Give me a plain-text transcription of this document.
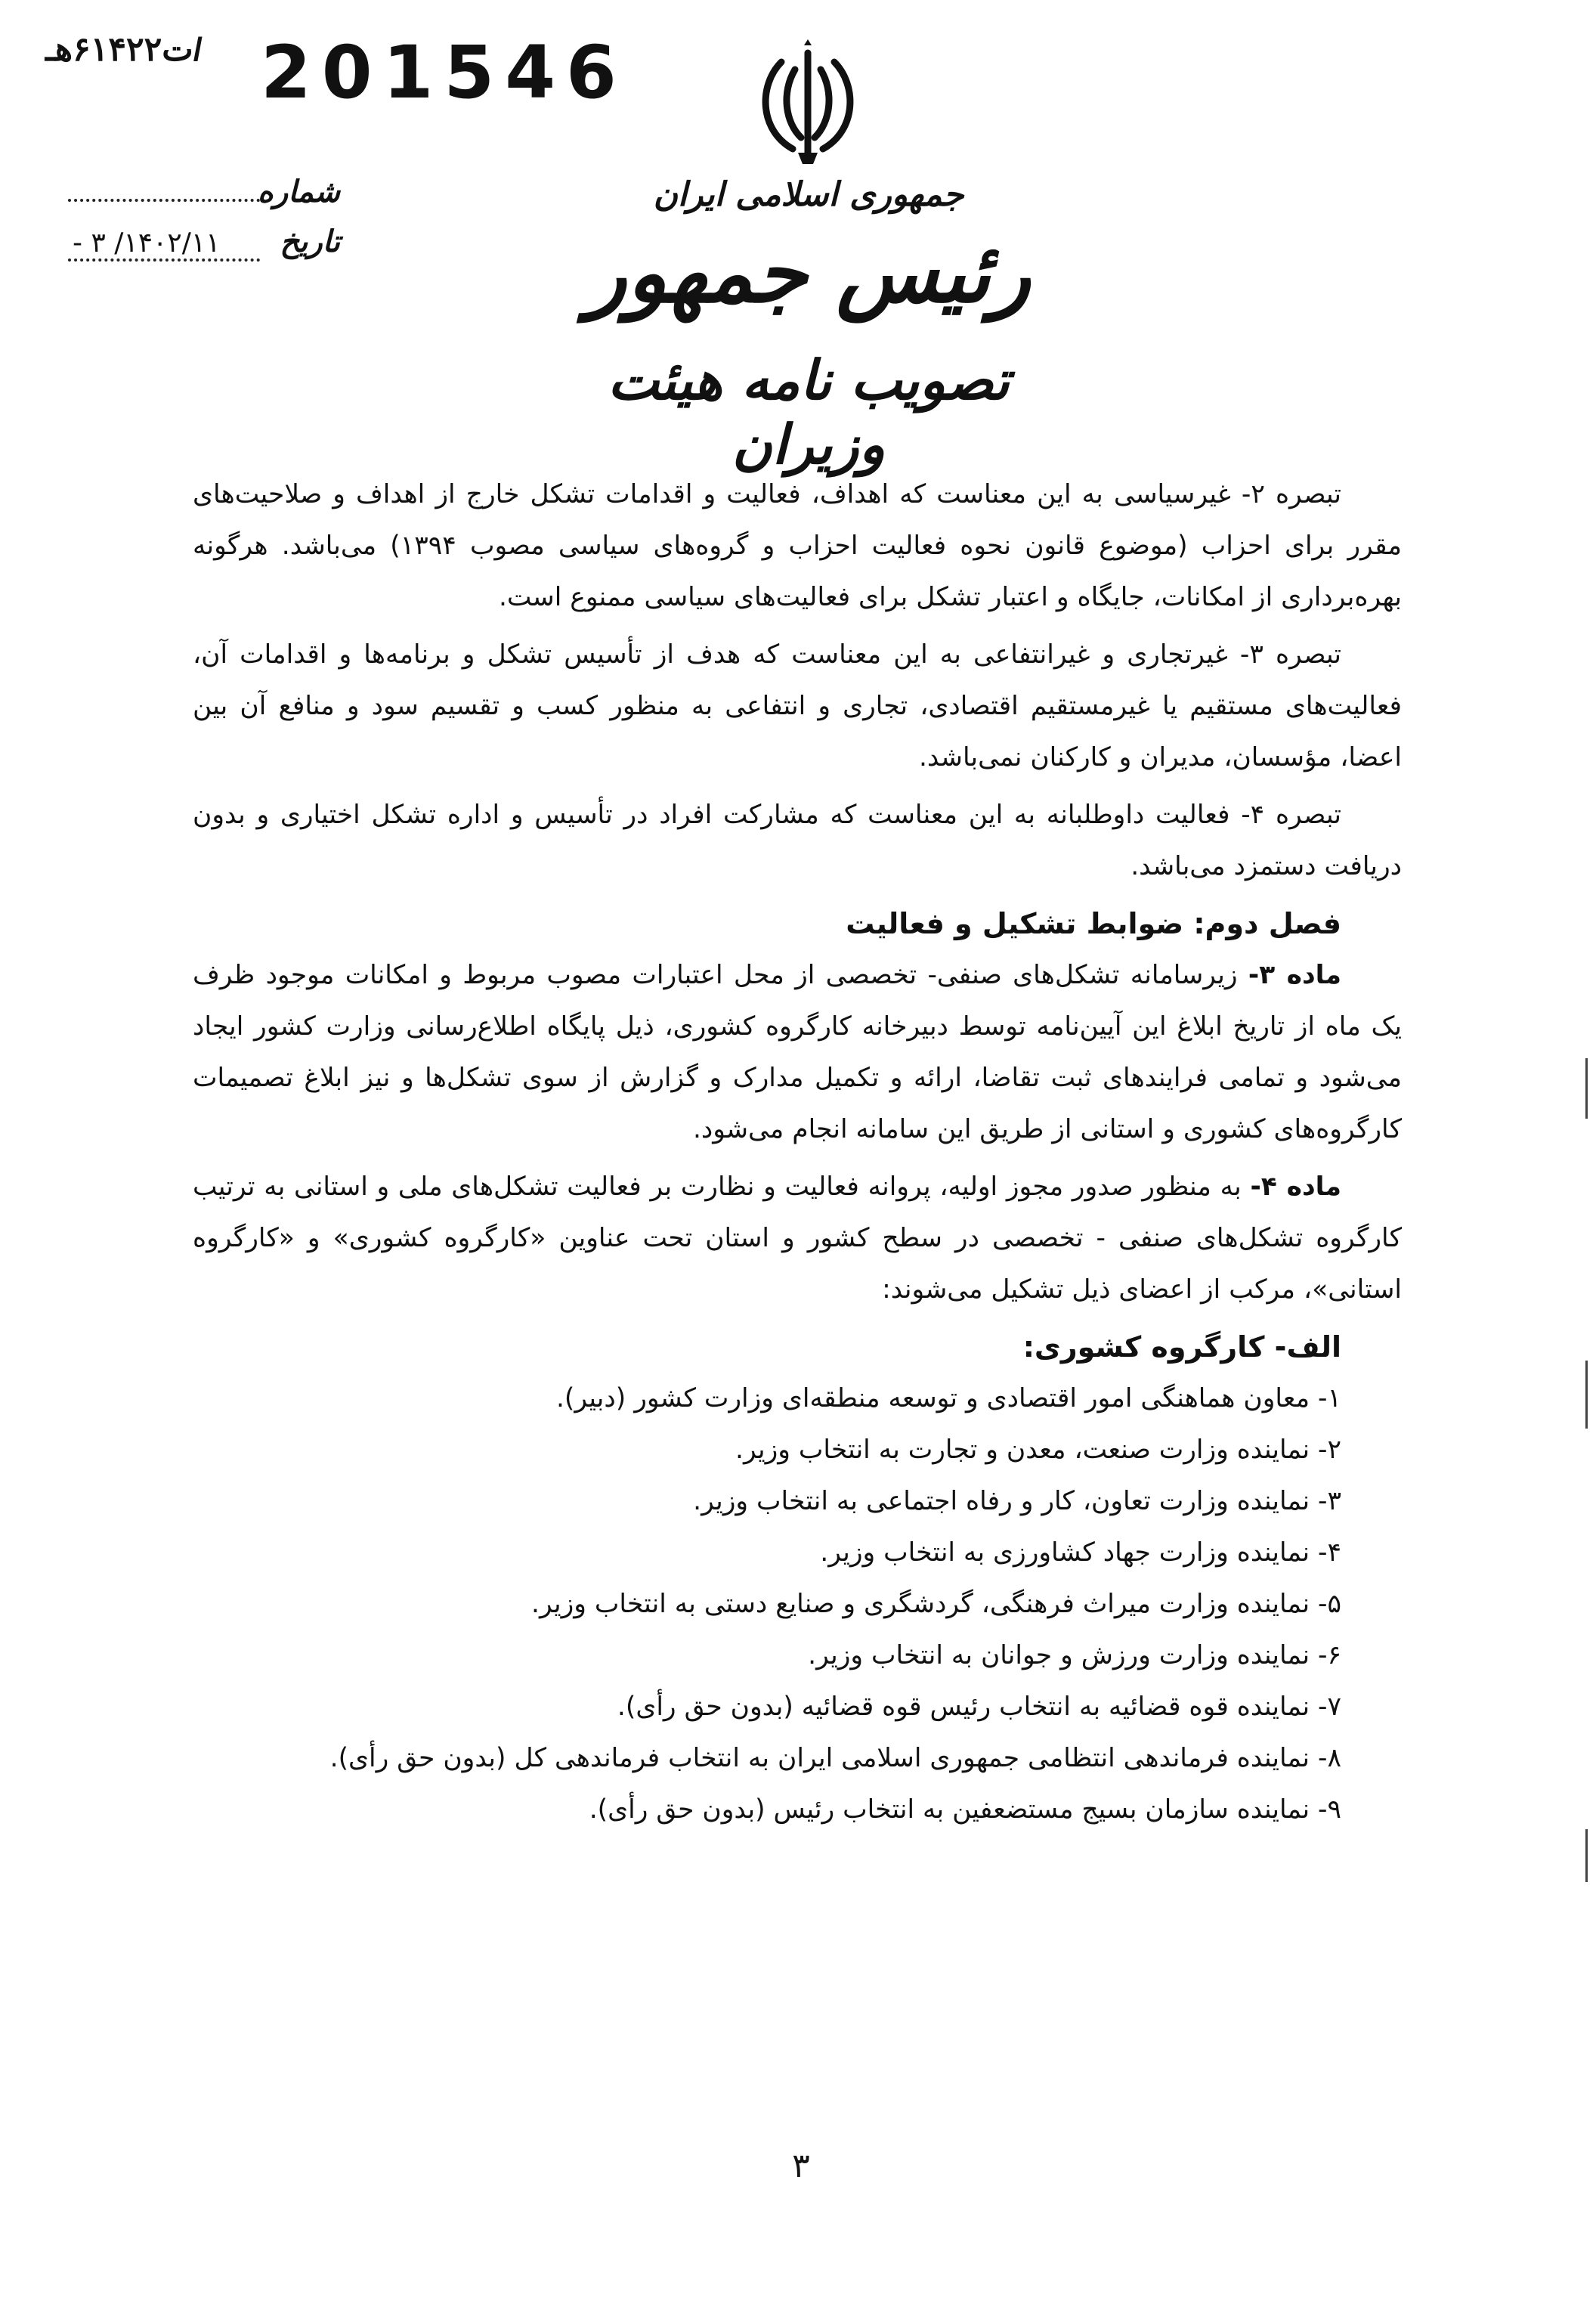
/ت۶۱۴۲۲هـ 201546
شماره
تاریخ
۱۴۰۲/۱۱/ ۳ -
جمهوری اسلامی ایران
رئیس جمهور
تصویب نامه هیئت وزیران

تبصره ۲- غیرسیاسی به این معناست که اهداف، فعالیت و اقدامات تشکل خارج از اهداف و صلاحیت‌های مقرر برای احزاب (موضوع قانون نحوه فعالیت احزاب و گروه‌های سیاسی مصوب ۱۳۹۴) می‌باشد. هرگونه بهره‌برداری از امکانات، جایگاه و اعتبار تشکل برای فعالیت‌های سیاسی ممنوع است.

تبصره ۳- غیرتجاری و غیرانتفاعی به این معناست که هدف از تأسیس تشکل و برنامه‌ها و اقدامات آن، فعالیت‌های مستقیم یا غیرمستقیم اقتصادی، تجاری و انتفاعی به منظور کسب و تقسیم سود و منافع آن بین اعضا، مؤسسان، مدیران و کارکنان نمی‌باشد.

تبصره ۴- فعالیت داوطلبانه به این معناست که مشارکت افراد در تأسیس و اداره تشکل اختیاری و بدون دریافت دستمزد می‌باشد.

فصل دوم: ضوابط تشکیل و فعالیت

ماده ۳- زیرسامانه تشکل‌های صنفی- تخصصی از محل اعتبارات مصوب مربوط و امکانات موجود ظرف یک ماه از تاریخ ابلاغ این آیین‌نامه توسط دبیرخانه کارگروه کشوری، ذیل پایگاه اطلاع‌رسانی وزارت کشور ایجاد می‌شود و تمامی فرایندهای ثبت تقاضا، ارائه و تکمیل مدارک و گزارش از سوی تشکل‌ها و نیز ابلاغ تصمیمات کارگروه‌های کشوری و استانی از طریق این سامانه انجام می‌شود.

ماده ۴- به منظور صدور مجوز اولیه، پروانه فعالیت و نظارت بر فعالیت تشکل‌های ملی و استانی به ترتیب کارگروه تشکل‌های صنفی - تخصصی در سطح کشور و استان تحت عناوین «کارگروه کشوری» و «کارگروه استانی»، مرکب از اعضای ذیل تشکیل می‌شوند:

الف- کارگروه کشوری:

۱- معاون هماهنگی امور اقتصادی و توسعه منطقه‌ای وزارت کشور (دبیر).
۲- نماینده وزارت صنعت، معدن و تجارت به انتخاب وزیر.
۳- نماینده وزارت تعاون، کار و رفاه اجتماعی به انتخاب وزیر.
۴- نماینده وزارت جهاد کشاورزی به انتخاب وزیر.
۵- نماینده وزارت میراث فرهنگی، گردشگری و صنایع دستی به انتخاب وزیر.
۶- نماینده وزارت ورزش و جوانان به انتخاب وزیر.
۷- نماینده قوه قضائیه به انتخاب رئیس قوه قضائیه (بدون حق رأی).
۸- نماینده فرماندهی انتظامی جمهوری اسلامی ایران به انتخاب فرماندهی کل (بدون حق رأی).
۹- نماینده سازمان بسیج مستضعفین به انتخاب رئیس (بدون حق رأی).
۳
